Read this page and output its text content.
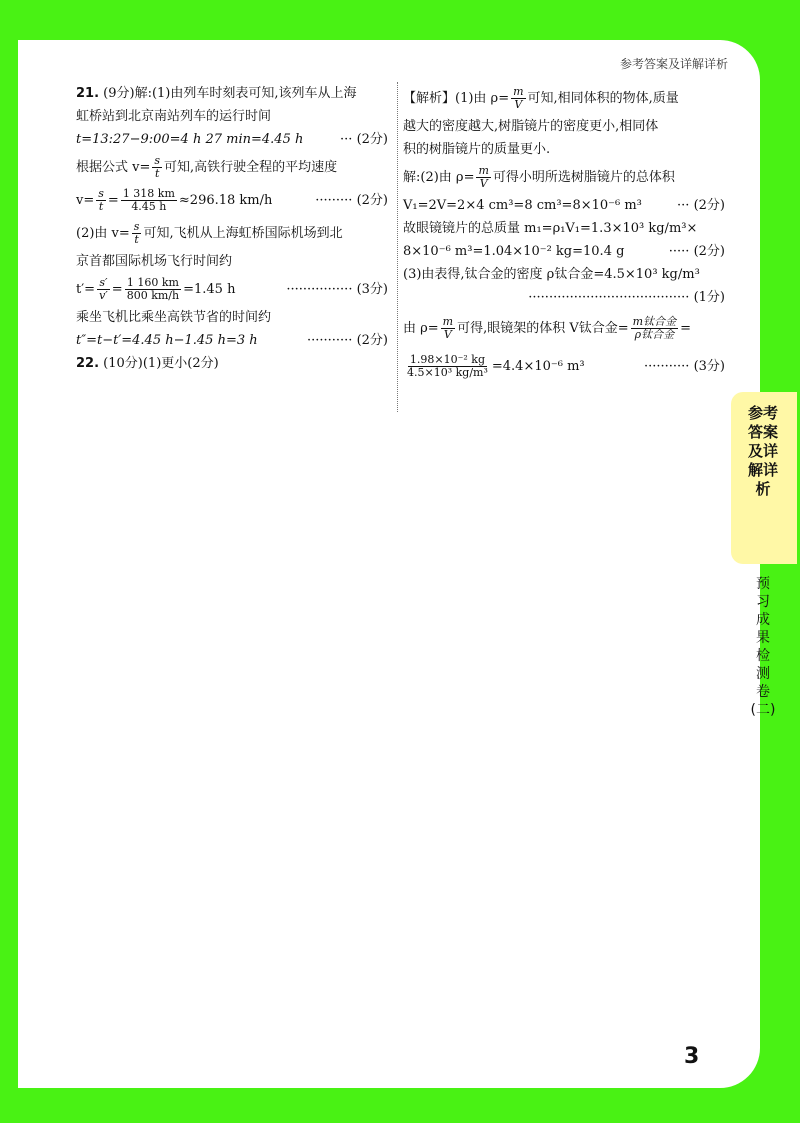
参考答案及详解详析
21. (9分)解:(1)由列车时刻表可知,该列车从上海
虹桥站到北京南站列车的运行时间
t=13:27−9:00=4 h 27 min=4.45 h	··· (2分)
根据公式 $v= \frac{s}{t}$ 可知,高铁行驶全程的平均速度
$v= \frac{s}{t} = \frac{1 318 km}{4.45 h} \approx 296.18$ km/h	········· (2分)
(2)由 $v= \frac{s}{t}$ 可知,飞机从上海虹桥国际机场到北
京首都国际机场飞行时间约
$t'= \frac{s'}{v'} = \frac{1 160 km}{800 km/h} =1.45$ h	················ (3分)
乘坐飞机比乘坐高铁节省的时间约
t″=t−t′=4.45 h−1.45 h=3 h	··········· (2分)
22. (10分)(1)更小(2分)
【解析】(1)由 $\rho= \frac{m}{V}$ 可知,相同体积的物体,质量
越大的密度越大,树脂镜片的密度更小,相同体
积的树脂镜片的质量更小.
解:(2)由 $\rho= \frac{m}{V}$ 可得小明所选树脂镜片的总体积
V₁=2V=2×4 cm³=8 cm³=8×10⁻⁶ m³	··· (2分)
故眼镜镜片的总质量 m₁=ρ₁V₁=1.3×10³ kg/m³×
8×10⁻⁶ m³=1.04×10⁻² kg=10.4 g	····· (2分)
(3)由表得,钛合金的密度 ρ钛合金=4.5×10³ kg/m³
······································· (1分)
由 $\rho= \frac{m}{V}$ 可得,眼镜架的体积 V钛合金= $\frac{\text{m钛合金}}{\text{ρ钛合金}}$ =
$\frac{\text{1.98×10⁻² kg}}{\text{4.5×10³ kg/m³}} =4.4\times 10^{-6}$ m³	··········· (3分)
参考答案及详解详析
预习成果检测卷(二)
3
